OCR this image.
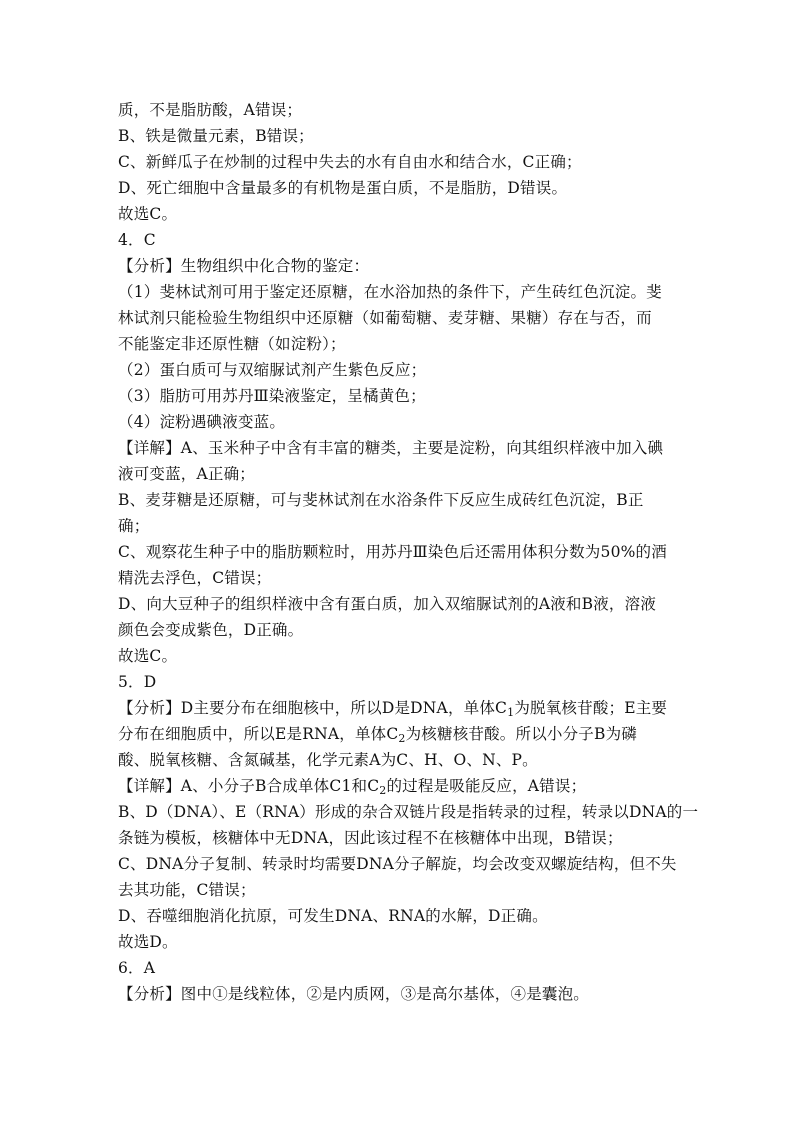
质，不是脂肪酸，A错误；
B、铁是微量元素，B错误；
C、新鲜瓜子在炒制的过程中失去的水有自由水和结合水，C正确；
D、死亡细胞中含量最多的有机物是蛋白质，不是脂肪，D错误。
故选C。
4．C
【分析】生物组织中化合物的鉴定：
（1）斐林试剂可用于鉴定还原糖，在水浴加热的条件下，产生砖红色沉淀。斐
林试剂只能检验生物组织中还原糖（如葡萄糖、麦芽糖、果糖）存在与否，而
不能鉴定非还原性糖（如淀粉）；
（2）蛋白质可与双缩脲试剂产生紫色反应；
（3）脂肪可用苏丹Ⅲ染液鉴定，呈橘黄色；
（4）淀粉遇碘液变蓝。
【详解】A、玉米种子中含有丰富的糖类，主要是淀粉，向其组织样液中加入碘
液可变蓝，A正确；
B、麦芽糖是还原糖，可与斐林试剂在水浴条件下反应生成砖红色沉淀，B正
确；
C、观察花生种子中的脂肪颗粒时，用苏丹Ⅲ染色后还需用体积分数为50%的酒
精洗去浮色，C错误；
D、向大豆种子的组织样液中含有蛋白质，加入双缩脲试剂的A液和B液，溶液
颜色会变成紫色，D正确。
故选C。
5．D
【分析】D主要分布在细胞核中，所以D是DNA，单体$C_1$为脱氧核苷酸；E主要
分布在细胞质中，所以E是RNA，单体$C_2$为核糖核苷酸。所以小分子B为磷
酸、脱氧核糖、含氮碱基，化学元素A为C、H、O、N、P。
【详解】A、小分子B合成单体C1和$C_2$的过程是吸能反应，A错误；
B、D（DNA）、E（RNA）形成的杂合双链片段是指转录的过程，转录以DNA的一
条链为模板，核糖体中无DNA，因此该过程不在核糖体中出现，B错误；
C、DNA分子复制、转录时均需要DNA分子解旋，均会改变双螺旋结构，但不失
去其功能，C错误；
D、吞噬细胞消化抗原，可发生DNA、RNA的水解，D正确。
故选D。
6．A
【分析】图中①是线粒体，②是内质网，③是高尔基体，④是囊泡。
